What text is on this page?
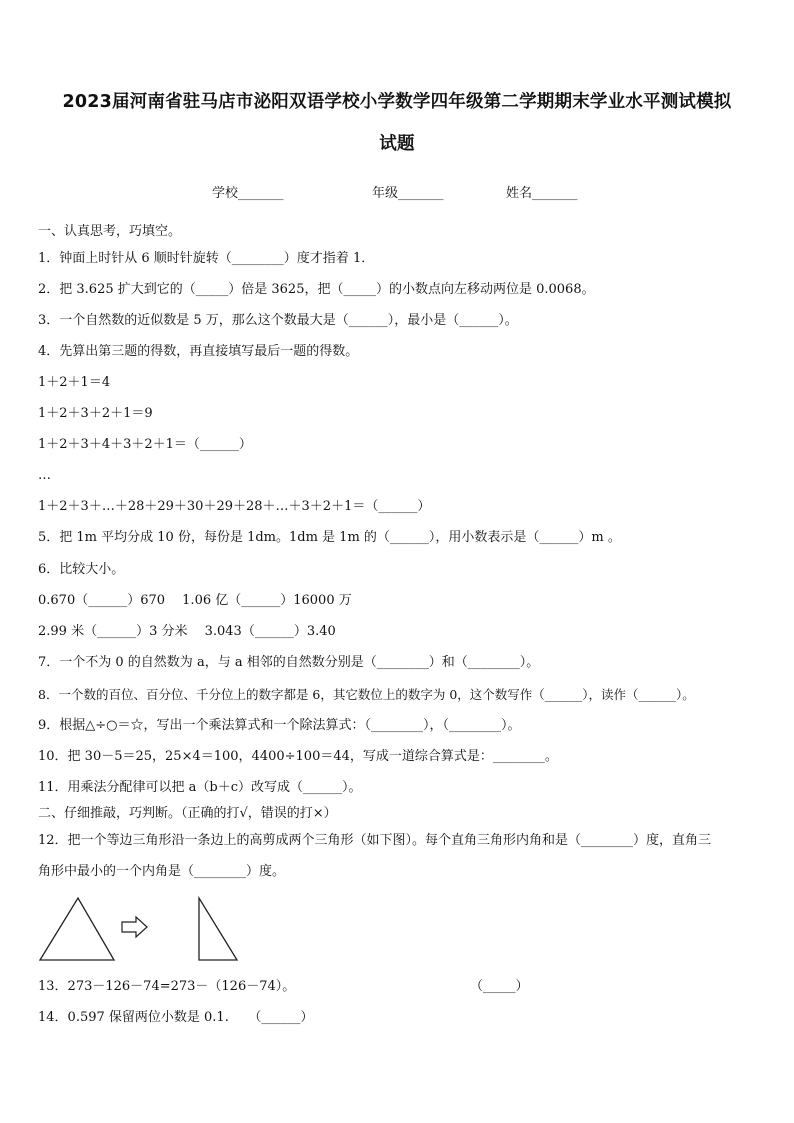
2023届河南省驻马店市泌阳双语学校小学数学四年级第二学期期末学业水平测试模拟
试题
学校_______	年级_______	姓名_______
一、认真思考，巧填空。
1．钟面上时针从 6 顺时针旋转（________）度才指着 1．
2．把 3.625 扩大到它的（_____）倍是 3625，把（_____）的小数点向左移动两位是 0.0068。
3．一个自然数的近似数是 5 万，那么这个数最大是（______），最小是（______）。
4．先算出第三题的得数，再直接填写最后一题的得数。
1＋2＋1＝4
1＋2＋3＋2＋1＝9
1＋2＋3＋4＋3＋2＋1＝（______）
…
1＋2＋3＋…＋28＋29＋30＋29＋28＋…＋3＋2＋1＝（______）
5．把 1m 平均分成 10 份，每份是 1dm。1dm 是 1m 的（______），用小数表示是（______）m 。
6．比较大小。
0.670（______）670　 1.06 亿（______）16000 万
2.99 米（______）3 分米　 3.043（______）3.40
7．一个不为 0 的自然数为 a，与 a 相邻的自然数分别是（________）和（________）。
8．一个数的百位、百分位、千分位上的数字都是 6，其它数位上的数字为 0，这个数写作（______），读作（______）。
9．根据△÷○＝☆，写出一个乘法算式和一个除法算式：（________），（________）。
10．把 30－5＝25，25×4＝100，4400÷100＝44，写成一道综合算式是：________。
11．用乘法分配律可以把 a（b＋c）改写成（______）。
二、仔细推敲，巧判断。（正确的打√，错误的打×）
12．把一个等边三角形沿一条边上的高剪成两个三角形（如下图）。每个直角三角形内角和是（________）度，直角三
角形中最小的一个内角是（________）度。
13．273－126－74=273－（126－74）。	（_____）
14．0.597 保留两位小数是 0.1.　　（______）
